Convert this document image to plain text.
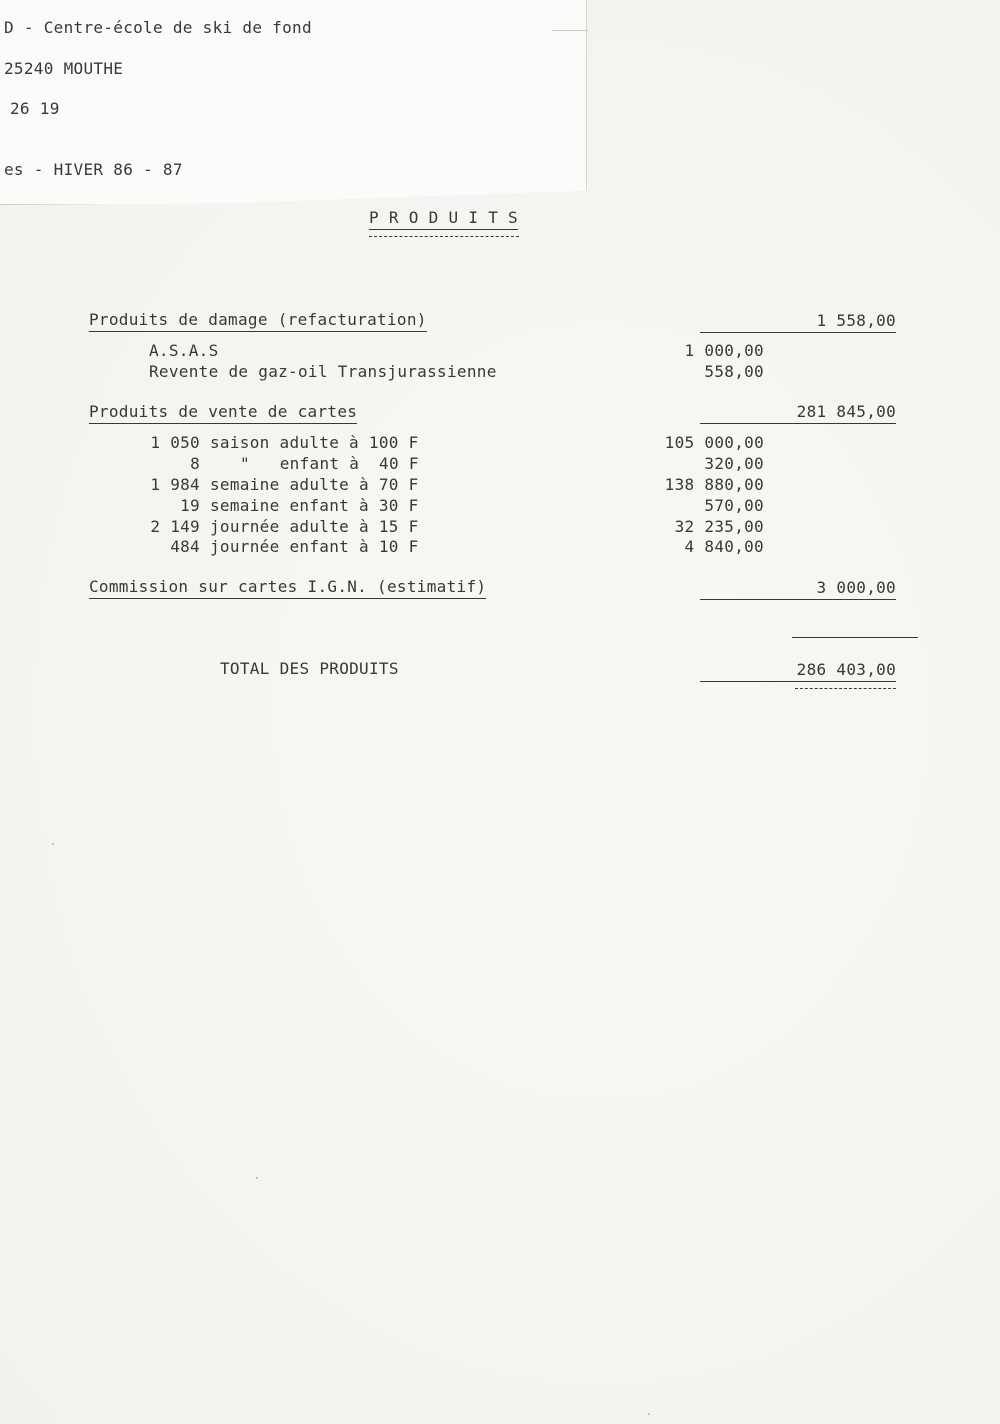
D - Centre-école de ski de fond
25240 MOUTHE
26 19
es - HIVER 86 - 87
P R O D U I T S
Produits de damage (refacturation)	1 558,00
A.S.A.S	1 000,00
Revente de gaz-oil Transjurassienne	558,00
Produits de vente de cartes	281 845,00
1 050 saison adulte à 100 F	105 000,00
8	"   enfant à  40 F	320,00
1 984 semaine adulte à 70 F	138 880,00
19 semaine enfant à 30 F	570,00
2 149 journée adulte à 15 F	32 235,00
484 journée enfant à 10 F	4 840,00
Commission sur cartes I.G.N. (estimatif)	3 000,00
TOTAL DES PRODUITS	286 403,00
